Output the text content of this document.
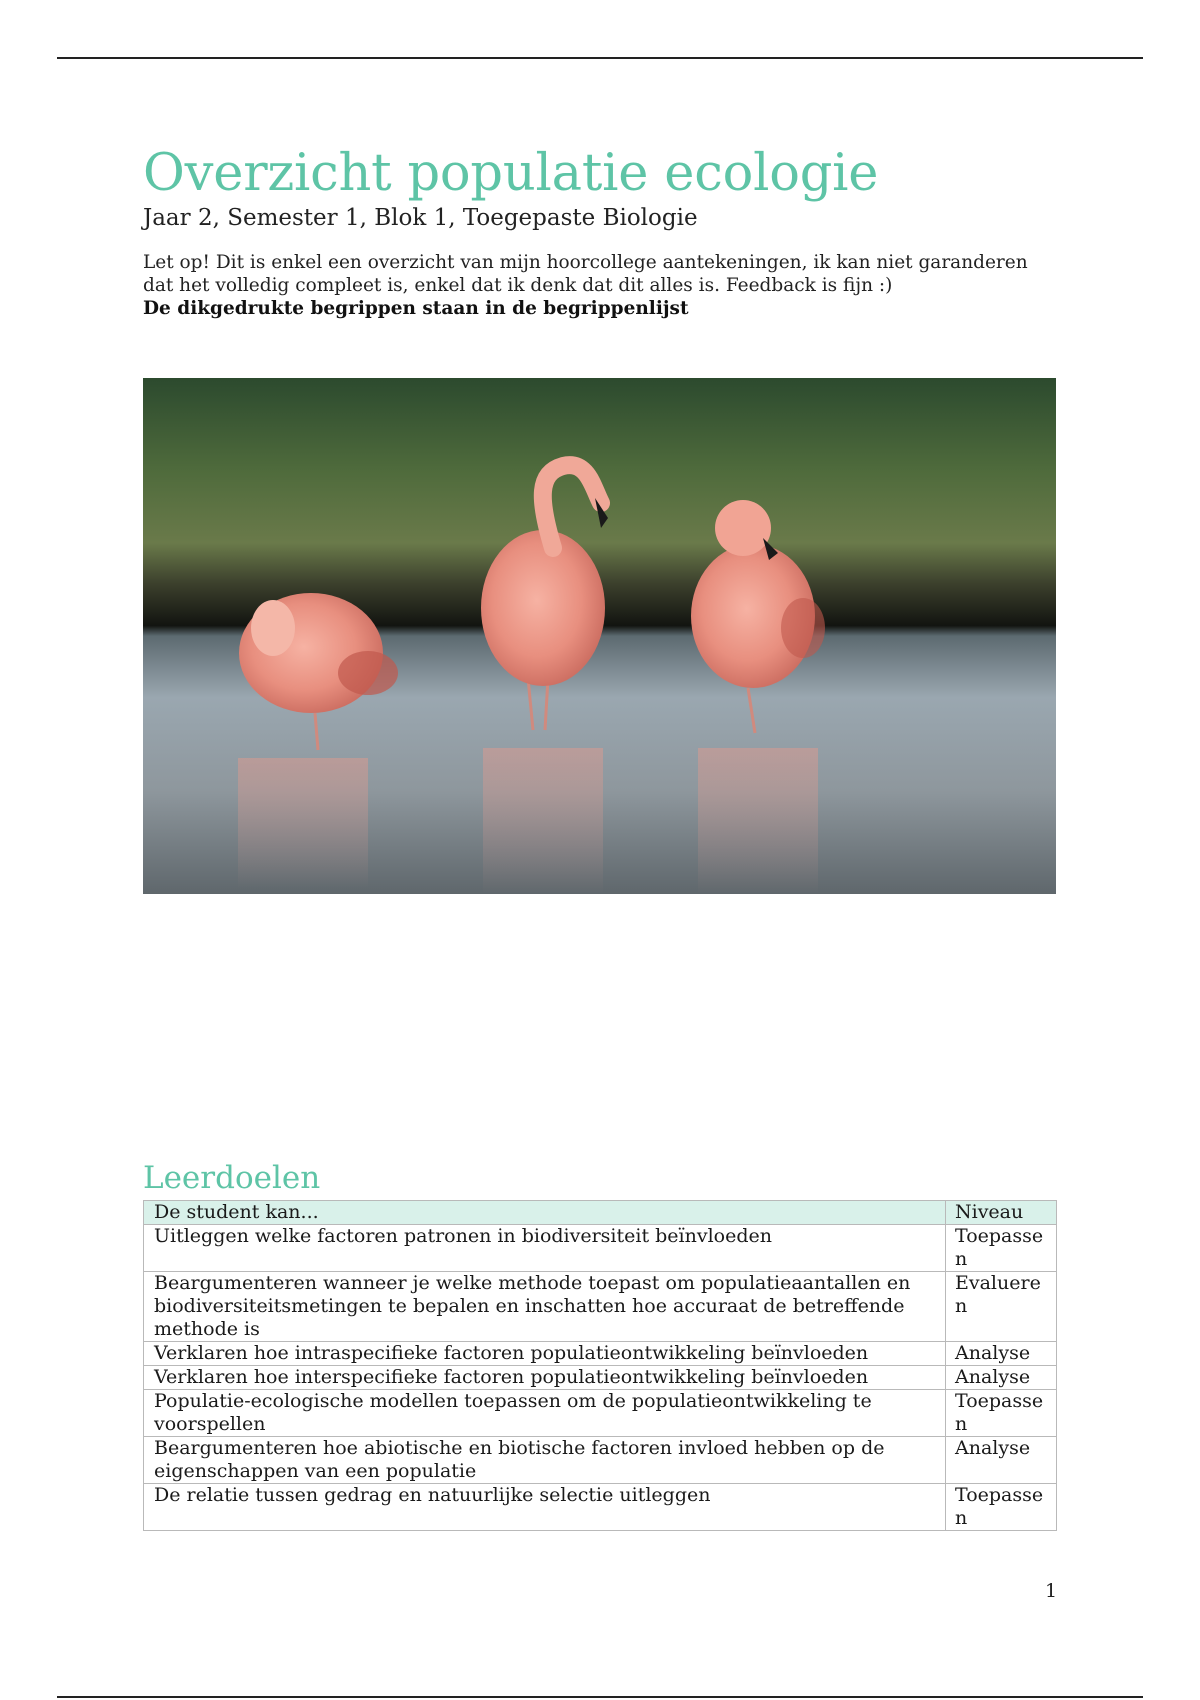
Overzicht populatie ecologie
Jaar 2, Semester 1, Blok 1, Toegepaste Biologie
Let op! Dit is enkel een overzicht van mijn hoorcollege aantekeningen, ik kan niet garanderen dat het volledig compleet is, enkel dat ik denk dat dit alles is. Feedback is fijn :)
De dikgedrukte begrippen staan in de begrippenlijst
Leerdoelen
De student kan...	Niveau
Uitleggen welke factoren patronen in biodiversiteit beïnvloeden	Toepassen
Beargumenteren wanneer je welke methode toepast om populatieaantallen en biodiversiteitsmetingen te bepalen en inschatten hoe accuraat de betreffende methode is	Evalueren
Verklaren hoe intraspecifieke factoren populatieontwikkeling beïnvloeden	Analyse
Verklaren hoe interspecifieke factoren populatieontwikkeling beïnvloeden	Analyse
Populatie-ecologische modellen toepassen om de populatieontwikkeling te voorspellen	Toepassen
Beargumenteren hoe abiotische en biotische factoren invloed hebben op de eigenschappen van een populatie	Analyse
De relatie tussen gedrag en natuurlijke selectie uitleggen	Toepassen
1
